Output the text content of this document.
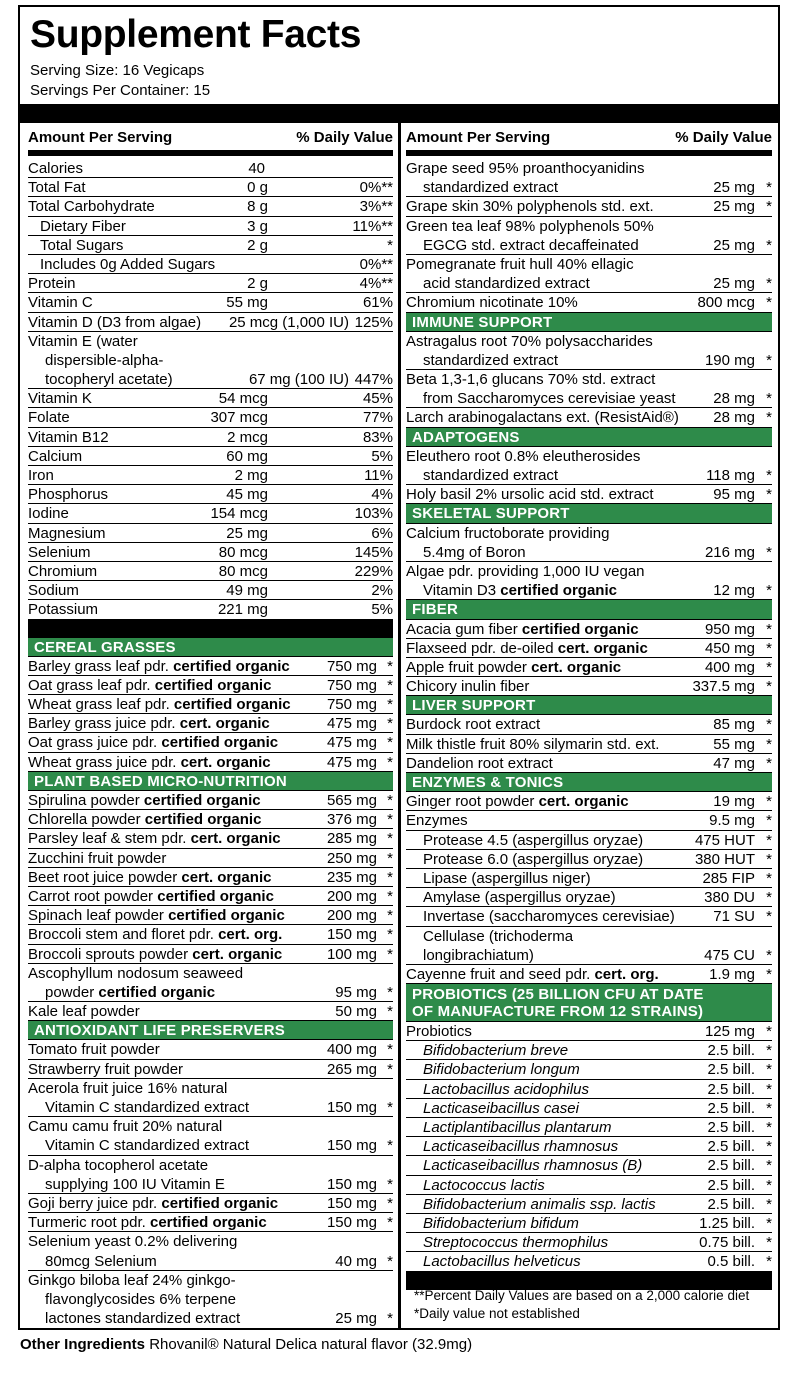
Supplement Facts
Serving Size: 16 Vegicaps
Servings Per Container: 15
Amount Per Serving	% Daily Value
Calories	40
Total Fat	0 g	0%**
Total Carbohydrate	8 g	3%**
Dietary Fiber	3 g	11%**
Total Sugars	2 g	*
Includes 0g Added Sugars	0%**
Protein	2 g	4%**
Vitamin C	55 mg	61%
Vitamin D (D3 from algae) 25 mcg (1,000 IU) 125%
Vitamin E (water
dispersible-alpha-
tocopheryl acetate)	67 mg (100 IU) 447%
Vitamin K	54 mcg	45%
Folate	307 mcg	77%
Vitamin B12	2 mcg	83%
Calcium	60 mg	5%
Iron	2 mg	11%
Phosphorus	45 mg	4%
Iodine	154 mcg	103%
Magnesium	25 mg	6%
Selenium	80 mcg	145%
Chromium	80 mcg	229%
Sodium	49 mg	2%
Potassium	221 mg	5%
CEREAL GRASSES
Barley grass leaf pdr. certified organic 750 mg *
Oat grass leaf pdr. certified organic	750 mg *
Wheat grass leaf pdr. certified organic 750 mg *
Barley grass juice pdr. cert. organic	475 mg *
Oat grass juice pdr. certified organic	475 mg *
Wheat grass juice pdr. cert. organic	475 mg *
PLANT BASED MICRO-NUTRITION
Spirulina powder certified organic	565 mg *
Chlorella powder certified organic	376 mg *
Parsley leaf & stem pdr. cert. organic	285 mg *
Zucchini fruit powder	250 mg *
Beet root juice powder cert. organic	235 mg *
Carrot root powder certified organic	200 mg *
Spinach leaf powder certified organic	200 mg *
Broccoli stem and floret pdr. cert. org.	150 mg *
Broccoli sprouts powder cert. organic	100 mg *
Ascophyllum nodosum seaweed
powder certified organic	95 mg *
Kale leaf powder	50 mg *
ANTIOXIDANT LIFE PRESERVERS
Tomato fruit powder	400 mg *
Strawberry fruit powder	265 mg *
Acerola fruit juice 16% natural
Vitamin C standardized extract	150 mg *
Camu camu fruit 20% natural
Vitamin C standardized extract	150 mg *
D-alpha tocopherol acetate
supplying 100 IU Vitamin E	150 mg *
Goji berry juice pdr. certified organic	150 mg *
Turmeric root pdr. certified organic	150 mg *
Selenium yeast 0.2% delivering
80mcg Selenium	40 mg *
Ginkgo biloba leaf 24% ginkgo-
flavonglycosides 6% terpene
lactones standardized extract	25 mg *
Amount Per Serving	% Daily Value
Grape seed 95% proanthocyanidins
standardized extract	25 mg *
Grape skin 30% polyphenols std. ext.	25 mg *
Green tea leaf 98% polyphenols 50%
EGCG std. extract decaffeinated	25 mg *
Pomegranate fruit hull 40% ellagic
acid standardized extract	25 mg *
Chromium nicotinate 10%	800 mcg *
IMMUNE SUPPORT
Astragalus root 70% polysaccharides
standardized extract	190 mg *
Beta 1,3-1,6 glucans 70% std. extract
from Saccharomyces cerevisiae yeast	28 mg *
Larch arabinogalactans ext. (ResistAid®) 28 mg *
ADAPTOGENS
Eleuthero root 0.8% eleutherosides
standardized extract	118 mg *
Holy basil 2% ursolic acid std. extract	95 mg *
SKELETAL SUPPORT
Calcium fructoborate providing
5.4mg of Boron	216 mg *
Algae pdr. providing 1,000 IU vegan
Vitamin D3 certified organic	12 mg *
FIBER
Acacia gum fiber certified organic	950 mg *
Flaxseed pdr. de-oiled cert. organic	450 mg *
Apple fruit powder cert. organic	400 mg *
Chicory inulin fiber	337.5 mg *
LIVER SUPPORT
Burdock root extract	85 mg *
Milk thistle fruit 80% silymarin std. ext.	55 mg *
Dandelion root extract	47 mg *
ENZYMES & TONICS
Ginger root powder cert. organic	19 mg *
Enzymes	9.5 mg *
Protease 4.5 (aspergillus oryzae)	475 HUT *
Protease 6.0 (aspergillus oryzae)	380 HUT *
Lipase (aspergillus niger)	285 FIP *
Amylase (aspergillus oryzae)	380 DU *
Invertase (saccharomyces cerevisiae)	71 SU *
Cellulase (trichoderma
longibrachiatum)	475 CU *
Cayenne fruit and seed pdr. cert. org.	1.9 mg *
PROBIOTICS (25 BILLION CFU AT DATE
OF MANUFACTURE FROM 12 STRAINS)
Probiotics	125 mg *
Bifidobacterium breve	2.5 bill. *
Bifidobacterium longum	2.5 bill. *
Lactobacillus acidophilus	2.5 bill. *
Lacticaseibacillus casei	2.5 bill. *
Lactiplantibacillus plantarum	2.5 bill. *
Lacticaseibacillus rhamnosus	2.5 bill. *
Lacticaseibacillus rhamnosus (B)	2.5 bill. *
Lactococcus lactis	2.5 bill. *
Bifidobacterium animalis ssp. lactis	2.5 bill. *
Bifidobacterium bifidum	1.25 bill. *
Streptococcus thermophilus	0.75 bill. *
Lactobacillus helveticus	0.5 bill. *
**Percent Daily Values are based on a 2,000 calorie diet
*Daily value not established
Other Ingredients Rhovanil® Natural Delica natural flavor (32.9mg)
